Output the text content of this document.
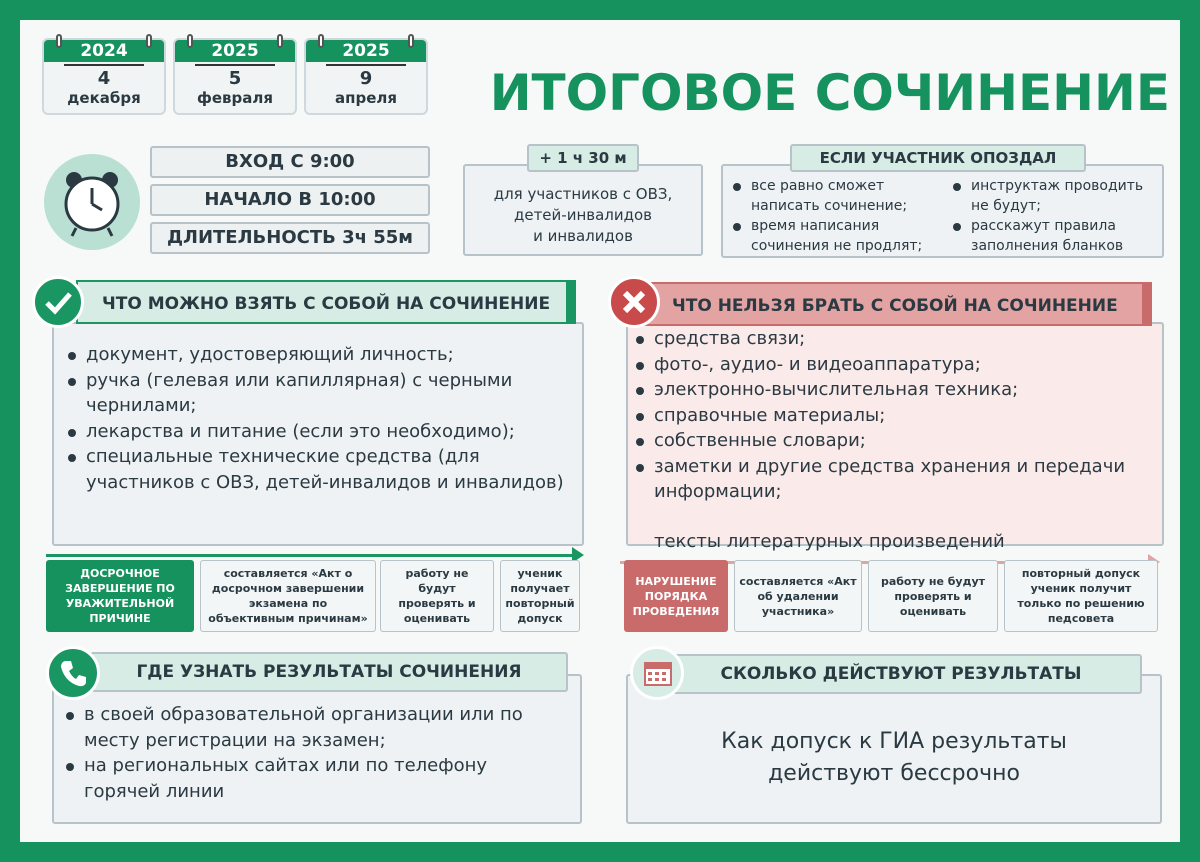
2024
4
декабря
2025
5
февраля
2025
9
апреля	ИТОГОВОЕ СОЧИНЕНИЕ
ВХОД С 9:00
НАЧАЛО В 10:00
ДЛИТЕЛЬНОСТЬ 3ч 55м
для участников с ОВЗ,
детей-инвалидов
и инвалидов
+ 1 ч 30 м
все равно сможет написать сочинение;
время написания сочинения не продлят;
инструктаж проводить не будут;
расскажут правила заполнения бланков
ЕСЛИ УЧАСТНИК ОПОЗДАЛ
документ, удостоверяющий личность;
ручка (гелевая или капиллярная) с черными чернилами;
лекарства и питание (если это необходимо);
специальные технические средства (для участников с ОВЗ, детей-инвалидов и инвалидов)
ЧТО МОЖНО ВЗЯТЬ С СОБОЙ НА СОЧИНЕНИЕ
средства связи;
фото-, аудио- и видеоаппаратура;
электронно-вычислительная техника;
справочные материалы;
собственные словари;
заметки и другие средства хранения и передачи информации;
тексты литературных произведений
ЧТО НЕЛЬЗЯ БРАТЬ С СОБОЙ НА СОЧИНЕНИЕ
ДОСРОЧНОЕ ЗАВЕРШЕНИЕ ПО УВАЖИТЕЛЬНОЙ ПРИЧИНЕ
составляется «Акт о досрочном завершении экзамена по объективным причинам»
работу не будут проверять и оценивать
ученик получает повторный допуск
НАРУШЕНИЕ ПОРЯДКА ПРОВЕДЕНИЯ
составляется «Акт об удалении участника»
работу не будут проверять и оценивать
повторный допуск ученик получит только по решению педсовета
в своей образовательной организации или по месту регистрации на экзамен;
на региональных сайтах или по телефону горячей линии
ГДЕ УЗНАТЬ РЕЗУЛЬТАТЫ СОЧИНЕНИЯ
Как допуск к ГИА результаты
действуют бессрочно
СКОЛЬКО ДЕЙСТВУЮТ РЕЗУЛЬТАТЫ
